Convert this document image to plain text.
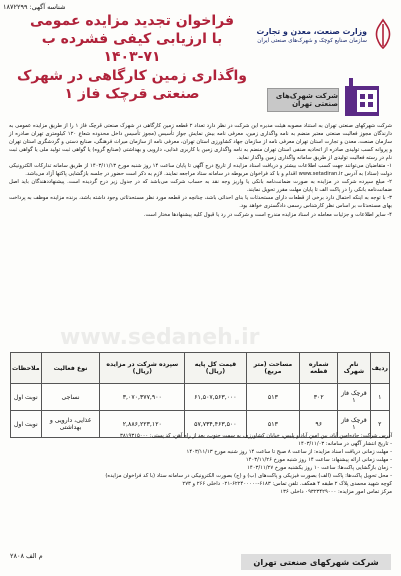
شناسه آگهی: ۱۸۷۲۲۹۹
وزارت صنعت، معدن و تجارت
سازمان صنایع کوچک و شهرک‌های صنعتی ایران
شرکت شهرک‌های صنعتی تهران
فراخوان تجدید مزایده عمومی
با ارزیابی کیفی فشرده ب ۷۱-۱۴۰۳
واگذاری زمین کارگاهی در شهرک
صنعتی قرچک فاز ۱

شرکت شهرکهای صنعتی تهران به استناد مصوبه هیئت مدیره این شرکت در نظر دارد تعداد ۲ قطعه زمین کارگاهی در شهرک صنعتی قرچک فاز ۱ را از طریق مزایده عمومی به دارندگان مجوز فعالیت صنعتی معتبر منضم به نامه واگذاری زمین، معرفی نامه بیش نمایش جواز تأسیس (مجوز تأسیس داخل محدوده شعاع ۱۲۰ کیلومتری تهران صادره از سازمان صنعت، معدن و تجارت استان تهران معرفی نامه از سازمان جهاد کشاورزی استان تهران، معرفی نامه از سازمان میراث فرهنگی، صنایع دستی و گردشگری استان تهران و پروانه کسب تولیدی صادره از اتحادیه صنفی استان تهران منضم به نامه واگذاری زمین با کاربری غذایی، دارویی و بهداشتی (صنایع گروه) یا گواهی ثبت تولید ملی یا گواهی ثبت نام در رسته فعالیت تولیدی از طریق سامانه واگذاری زمین واگذار نماید.

۱- متقاضیان می‌توانند جهت کسب اطلاعات بیشتر و دریافت اسناد مزایده از تاریخ درج آگهی تا پایان ساعت ۱۴ روز شنبه مورخ ۱۴۰۳/۱۱/۱۳ از طریق سامانه تدارکات الکترونیکی دولت (ستاد) به آدرس www.setadiran.ir اقدام و با کد فراخوان مربوطه در سامانه ستاد مراجعه نمایند. لازم به ذکر است حضور در جلسه بازگشایی پاکتها آزاد می‌باشد.

۲- مبلغ سپرده شرکت در مزایده به صورت ضمانت‌نامه بانکی یا واریز وجه نقد به حساب شرکت می‌باشد که در جدول زیر درج گردیده است. پیشنهاد‌دهندگان باید اصل ضمانت‌نامه بانکی را در پاکت الف تا پایان مهلت مقرر تحویل نمایند.

۳- با توجه به اینکه احتمال دارد برخی از قطعات دارای مستحدثات یا بنای احداثی باشد، چنانچه در قطعه مورد نظر مستحدثاتی وجود داشته باشد، برنده مزایده موظف به پرداخت بهای مستحدثات بر اساس نظر کارشناس رسمی دادگستری خواهد بود.

۴- سایر اطلاعات و جزئیات معامله در اسناد مزایده مندرج است و شرکت در رد یا قبول کلیه پیشنهادها مختار است.

www.sedaneh.ir
ردیف	نام شهرک	شماره قطعه	مساحت (متر مربع)	قیمت کل پایه (ریال)	سپرده شرکت در مزایده (ریال)	نوع فعالیت	ملاحظات
۱	قرچک فاز ۱	۳۰۲	۵۱۳	۶۱,۵۰۷,۵۶۳,۰۰۰	۳,۰۷۰,۳۷۷,۹۰۰	نساجی	نوبت اول
۲	قرچک فاز ۱	۹۶	۵۱۳	۵۷,۷۳۴,۴۶۳,۵۰۰	۲,۸۸۶,۲۲۳,۱۲۰	غذایی، دارویی و بهداشتی	نوبت اول

آدرس شرکت: جاده‌امین آباد، بین امین آباد و پلیس، خیابان کشاورزی، به سمت جنوب، بعد از راه آهن، کد پستی: ۳۸۱۹۳۱۵۰۰۰

- تاریخ انتشار آگهی در سامانه: ۱۴۰۳/۱۱/۰۳

- مهلت زمانی دریافت اسناد مزایده: از ساعت ۸ صبح تا ساعت ۱۴ روز شنبه مورخ ۱۴۰۳/۱۱/۱۳

- مهلت زمانی ارائه پیشنهاد: ساعت ۱۴ روز شنبه مورخ ۱۴۰۳/۱۱/۲۶

- زمان بازگشایی پاکت‌ها: ساعت ۱۰ روز یکشنبه مورخ ۱۴۰۳/۱۱/۲۷

- محل تحویل پاکت‌ها: پاکت (الف) بصورت فیزیکی و پاکت‌های (ب) و (ج) بصورت الکترونیکی در سامانه ستاد (با کد فراخوان مزایده)

کوچه شهید محمدی پلاک ۲ طبقه ۴ همکف. تلفن تماس: ۶۱۸۳-۶۲۲۴۰۰۰۰۰-۰۲۱ داخلی ۲۶۶ و ۲۷۳

مرکز تماس امور مزایده: ۰۹۳۲۳۴۲۹۰۰۰ داخلی ۱۳۶

م الف ۲۸۰۸
شرکت شهرکهای صنعتی تهران
